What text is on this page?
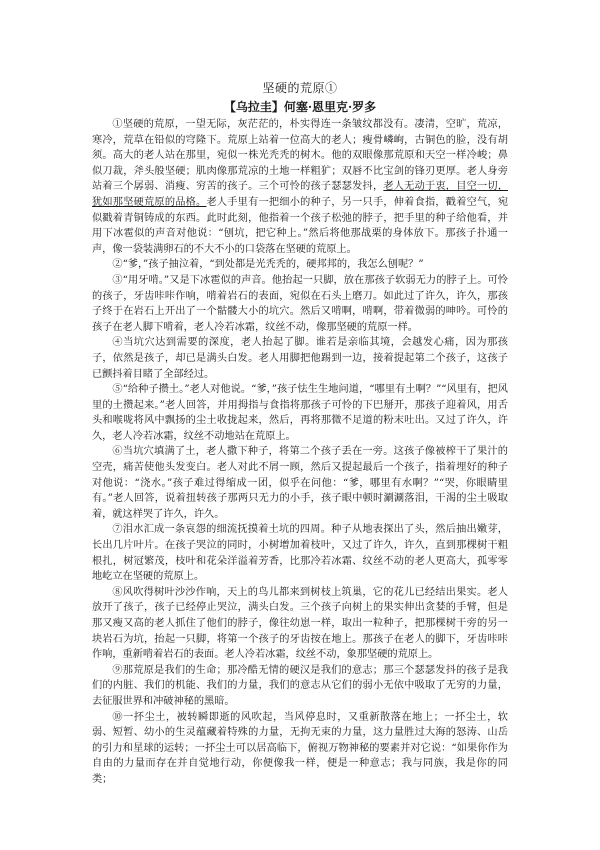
坚硬的荒原①
【乌拉圭】何塞·恩里克·罗多

①坚硬的荒原，一望无际，灰茫茫的，朴实得连一条皱纹都没有。凄清，空旷，荒凉，寒冷，荒草在铅似的穹隆下。荒原上站着一位高大的老人；瘦骨嶙峋，古铜色的脸，没有胡须。高大的老人站在那里，宛似一株光秃秃的树木。他的双眼像那荒原和天空一样冷峻；鼻似刀裁，斧头般坚硬；肌肉像那荒凉的土地一样粗犷；双唇不比宝剑的锋刃更厚。老人身旁站着三个孱弱、消瘦、穷苦的孩子。三个可怜的孩子瑟瑟发抖，老人无动于衷，目空一切，犹如那坚硬荒原的品格。老人手里有一把细小的种子，另一只手，伸着食指，戳着空气，宛似戳着青铜铸成的东西。此时此刻，他指着一个孩子松弛的脖子，把手里的种子给他看，并用下冰雹似的声音对他说：“刨坑，把它种上。”然后将他那战栗的身体放下。那孩子扑通一声，像一袋装满卵石的不大不小的口袋落在坚硬的荒原上。

②“爹，”孩子抽泣着，“到处都是光秃秃的，硬邦邦的，我怎么刨呢？”

③“用牙啃。”又是下冰雹似的声音。他抬起一只脚，放在那孩子软弱无力的脖子上。可怜的孩子，牙齿咔咔作响，啃着岩石的表面，宛似在石头上磨刀。如此过了许久，许久，那孩子终于在岩石上开出了一个骷髅大小的坑穴。然后又啃啊，啃啊，带着微弱的呻吟。可怜的孩子在老人脚下啃着，老人冷若冰霜，纹丝不动，像那坚硬的荒原一样。

④当坑穴达到需要的深度，老人抬起了脚。谁若是亲临其境，会越发心痛，因为那孩子，依然是孩子，却已是满头白发。老人用脚把他踢到一边，接着提起第二个孩子，这孩子已颤抖着目睹了全部经过。

⑤“给种子攒土。”老人对他说。“爹，”孩子怯生生地问道，“哪里有土啊？”“风里有，把风里的土攒起来。”老人回答，并用拇指与食指将那孩子可怜的下巴掰开，那孩子迎着风，用舌头和喉咙将风中飘扬的尘土收拢起来，然后，再将那微不足道的粉末吐出。又过了许久，许久，老人冷若冰霜，纹丝不动地站在荒原上。

⑥当坑穴填满了土，老人撒下种子，将第二个孩子丢在一旁。这孩子像被榨干了果汁的空壳，痛苦使他头发变白。老人对此不屑一顾，然后又提起最后一个孩子，指着埋好的种子对他说：“浇水。”孩子难过得缩成一团，似乎在问他：“爹，哪里有水啊？”“哭，你眼睛里有。”老人回答，说着扭转孩子那两只无力的小手，孩子眼中顿时涮涮落泪，干渴的尘土吸取着，就这样哭了许久，许久。

⑦泪水汇成一条哀怨的细流抚摸着土坑的四周。种子从地表探出了头，然后抽出嫩芽，长出几片叶片。在孩子哭泣的同时，小树增加着枝叶，又过了许久，许久，直到那棵树干粗根扎，树冠繁茂，枝叶和花朵洋溢着芳香，比那冷若冰霜、纹丝不动的老人更高大，孤零零地屹立在坚硬的荒原上。

⑧风吹得树叶沙沙作响，天上的鸟儿都来到树枝上筑巢，它的花儿已经结出果实。老人放开了孩子，孩子已经停止哭泣，满头白发。三个孩子向树上的果实伸出贪婪的手臂，但是那又瘦又高的老人抓住了他们的脖子，像往幼崽一样，取出一粒种子，把那棵树干旁的另一块岩石为坑，抬起一只脚，将第一个孩子的牙齿按在地上。那孩子在老人的脚下，牙齿咔咔作响，重新啃着岩石的表面。老人冷若冰霜，纹丝不动，象那坚硬的荒原上。

⑨那荒原是我们的生命；那冷酷无情的硬汉是我们的意志；那三个瑟瑟发抖的孩子是我们的内脏、我们的机能、我们的力量，我们的意志从它们的弱小无依中吸取了无穷的力量，去征服世界和冲破神秘的黑暗。

⑩一抔尘土，被转瞬即逝的风吹起，当风停息时，又重新散落在地上；一抔尘土，软弱、短暂、幼小的生灵蕴藏着特殊的力量，无拘无束的力量，这力量胜过大海的怒涛、山岳的引力和星球的运转；一抔尘土可以居高临下，俯视万物神秘的要素并对它说：“如果你作为自由的力量而存在并自觉地行动，你便像我一样，便是一种意志；我与同族，我是你的同类；
